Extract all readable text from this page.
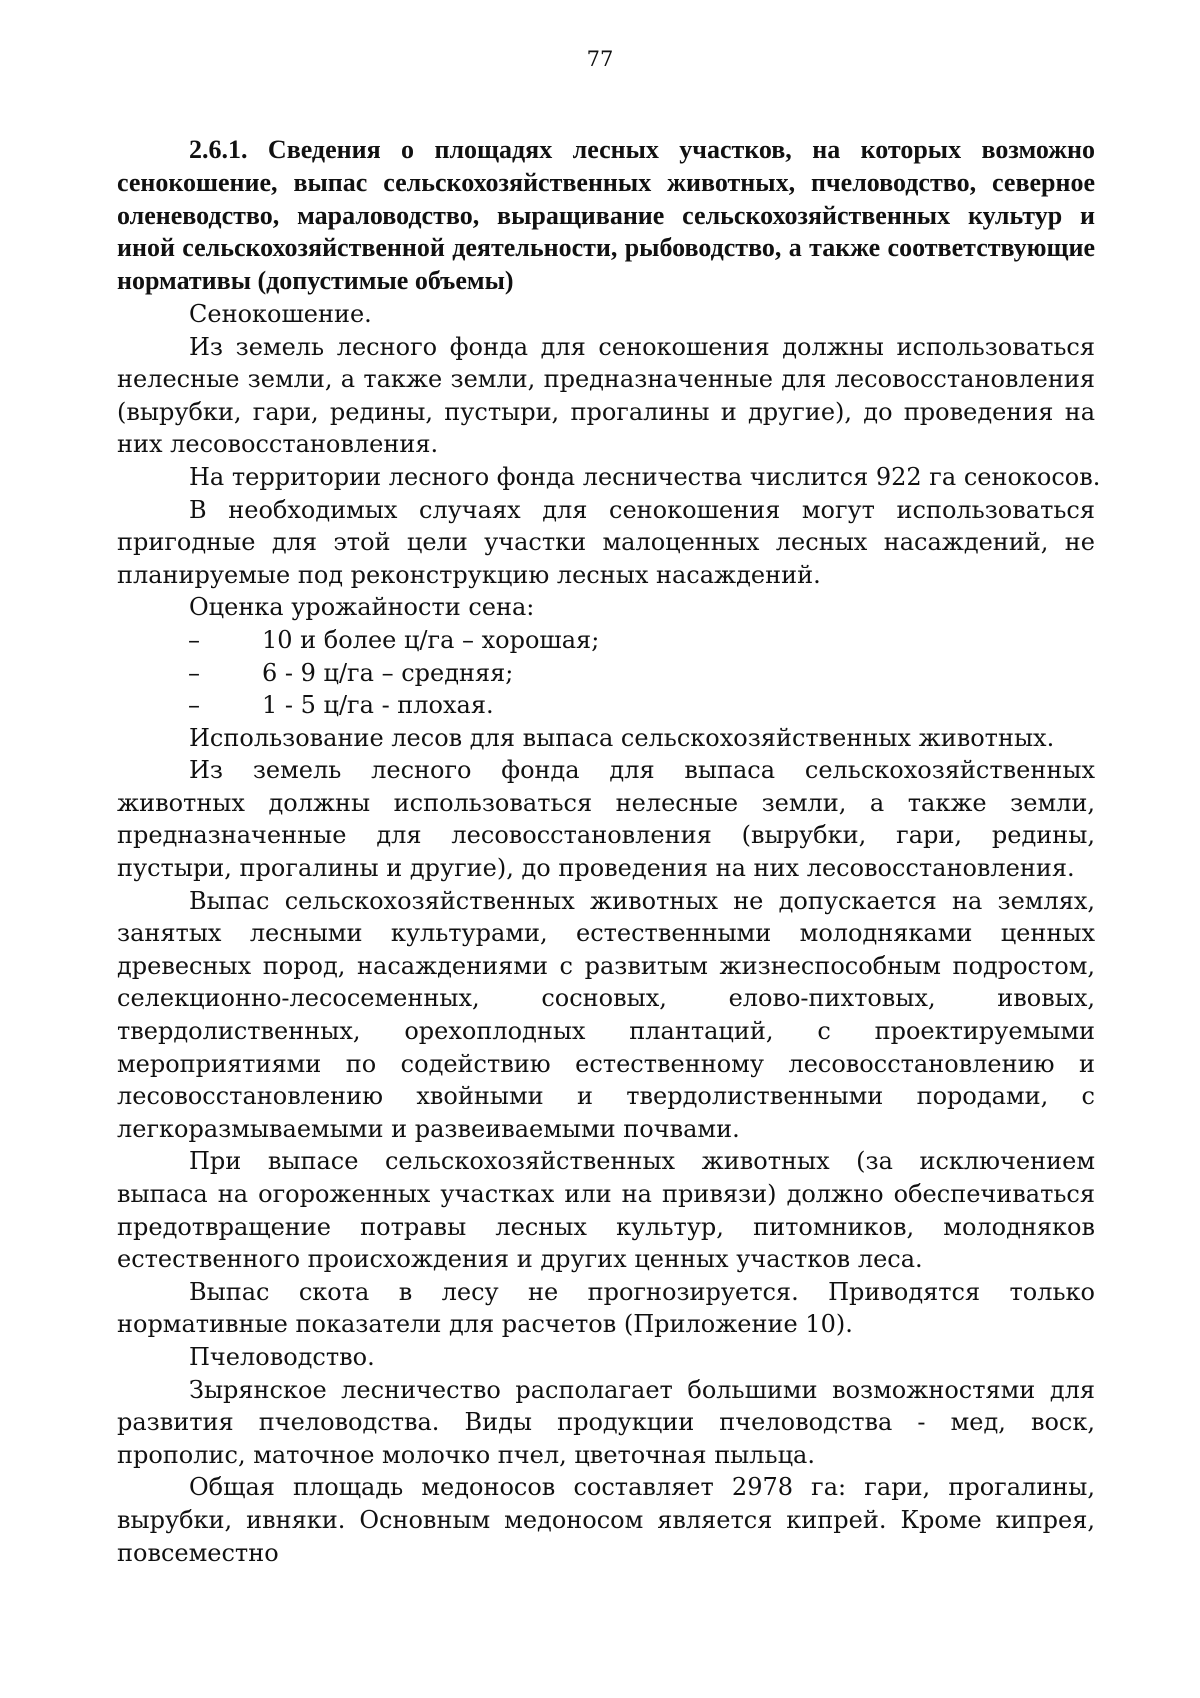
77

2.6.1. Сведения о площадях лесных участков, на которых возможно сенокошение, выпас сельскохозяйственных животных, пчеловодство, северное оленеводство, мараловодство, выращивание сельскохозяйственных культур и иной сельскохозяйственной деятельности, рыбоводство, а также соответствующие нормативы (допустимые объемы)

Сенокошение.

Из земель лесного фонда для сенокошения должны использоваться нелесные земли, а также земли, предназначенные для лесовосстановления (вырубки, гари, редины, пустыри, прогалины и другие), до проведения на них лесовосстановления.

На территории лесного фонда лесничества числится 922 га сенокосов.

В необходимых случаях для сенокошения могут использоваться пригодные для этой цели участки малоценных лесных насаждений, не планируемые под реконструкцию лесных насаждений.

Оценка урожайности сена:

–	10 и более ц/га – хорошая;
–	6 - 9 ц/га – средняя;
–	1 - 5 ц/га - плохая.

Использование лесов для выпаса сельскохозяйственных животных.

Из земель лесного фонда для выпаса сельскохозяйственных животных должны использоваться нелесные земли, а также земли, предназначенные для лесовосстановления (вырубки, гари, редины, пустыри, прогалины и другие), до проведения на них лесовосстановления.

Выпас сельскохозяйственных животных не допускается на землях, занятых лесными культурами, естественными молодняками ценных древесных пород, насаждениями с развитым жизнеспособным подростом, селекционно-лесосеменных, сосновых, елово-пихтовых, ивовых, твердолиственных, орехоплодных плантаций, с проектируемыми мероприятиями по содействию естественному лесовосстановлению и лесовосстановлению хвойными и твердолиственными породами, с легкоразмываемыми и развеиваемыми почвами.

При выпасе сельскохозяйственных животных (за исключением выпаса на огороженных участках или на привязи) должно обеспечиваться предотвращение потравы лесных культур, питомников, молодняков естественного происхождения и других ценных участков леса.

Выпас скота в лесу не прогнозируется. Приводятся только нормативные показатели для расчетов (Приложение 10).

Пчеловодство.

Зырянское лесничество располагает большими возможностями для развития пчеловодства. Виды продукции пчеловодства - мед, воск, прополис, маточное молочко пчел, цветочная пыльца.

Общая площадь медоносов составляет 2978 га: гари, прогалины, вырубки, ивняки. Основным медоносом является кипрей. Кроме кипрея, повсеместно
